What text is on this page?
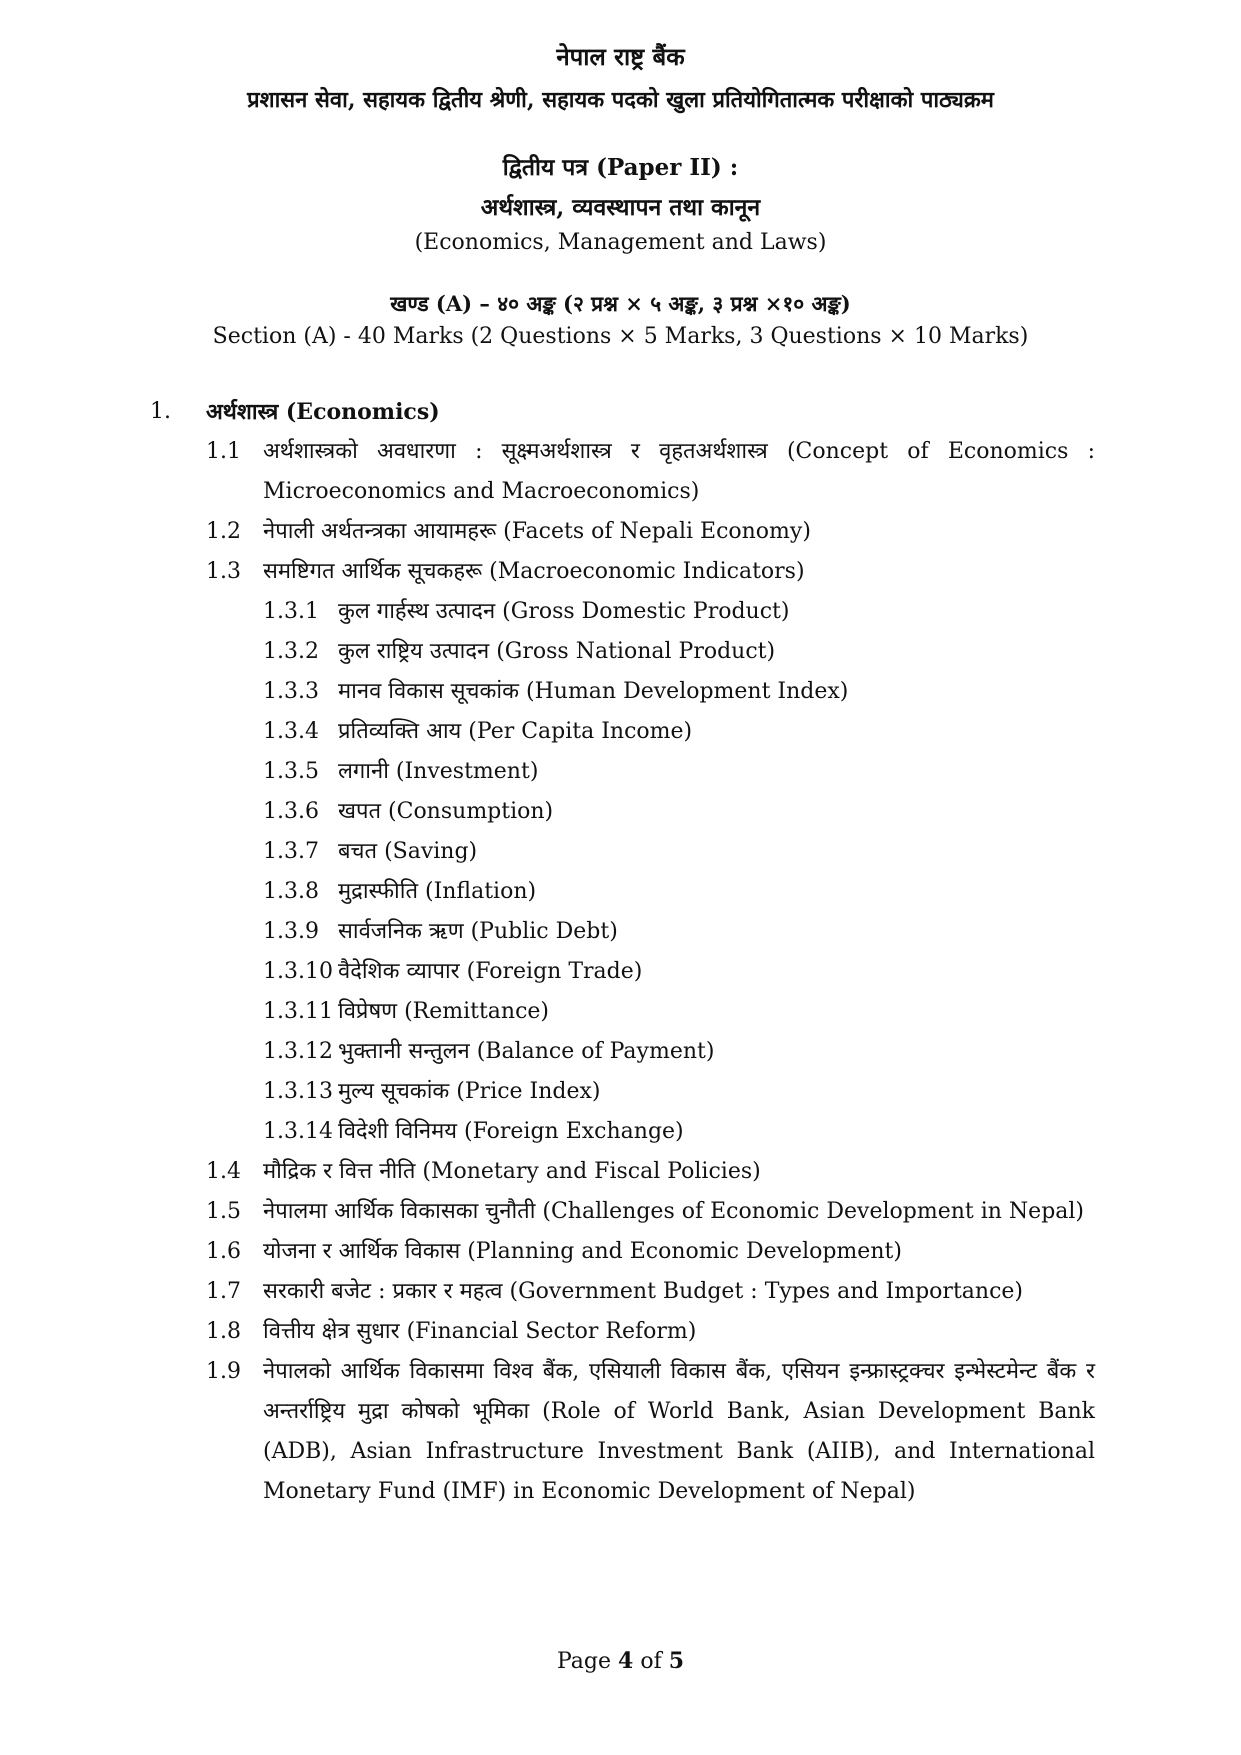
नेपाल राष्ट्र बैंक
प्रशासन सेवा, सहायक द्वितीय श्रेणी, सहायक पदको खुला प्रतियोगितात्मक परीक्षाको पाठ्यक्रम
द्वितीय पत्र (Paper II) :
अर्थशास्त्र, व्यवस्थापन तथा कानून
(Economics, Management and Laws)
खण्ड (A) – ४० अङ्क (२ प्रश्न × ५ अङ्क, ३ प्रश्न ×१० अङ्क)
Section (A) - 40 Marks (2 Questions × 5 Marks, 3 Questions × 10 Marks)
1.	अर्थशास्त्र (Economics)
1.1	अर्थशास्त्रको अवधारणा : सूक्ष्मअर्थशास्त्र र वृहतअर्थशास्त्र (Concept of Economics : Microeconomics and Macroeconomics)
1.2	नेपाली अर्थतन्त्रका आयामहरू (Facets of Nepali Economy)
1.3	समष्टिगत आर्थिक सूचकहरू (Macroeconomic Indicators)
1.3.1 कुल गार्हस्थ उत्पादन (Gross Domestic Product)
1.3.2 कुल राष्ट्रिय उत्पादन (Gross National Product)
1.3.3 मानव विकास सूचकांक (Human Development Index)
1.3.4 प्रतिव्यक्ति आय (Per Capita Income)
1.3.5 लगानी (Investment)
1.3.6 खपत (Consumption)
1.3.7 बचत (Saving)
1.3.8 मुद्रास्फीति (Inflation)
1.3.9 सार्वजनिक ऋण (Public Debt)
1.3.10 वैदेशिक व्यापार (Foreign Trade)
1.3.11 विप्रेषण (Remittance)
1.3.12 भुक्तानी सन्तुलन (Balance of Payment)
1.3.13 मुल्य सूचकांक (Price Index)
1.3.14 विदेशी विनिमय (Foreign Exchange)
1.4	मौद्रिक र वित्त नीति (Monetary and Fiscal Policies)
1.5	नेपालमा आर्थिक विकासका चुनौती (Challenges of Economic Development in Nepal)
1.6	योजना र आर्थिक विकास (Planning and Economic Development)
1.7	सरकारी बजेट : प्रकार र महत्व (Government Budget : Types and Importance)
1.8	वित्तीय क्षेत्र सुधार (Financial Sector Reform)
1.9	नेपालको आर्थिक विकासमा विश्व बैंक, एसियाली विकास बैंक, एसियन इन्फ्रास्ट्रक्चर इन्भेस्टमेन्ट बैंक र अन्तर्राष्ट्रिय मुद्रा कोषको भूमिका (Role of World Bank, Asian Development Bank (ADB), Asian Infrastructure Investment Bank (AIIB), and International Monetary Fund (IMF) in Economic Development of Nepal)
Page 4 of 5
